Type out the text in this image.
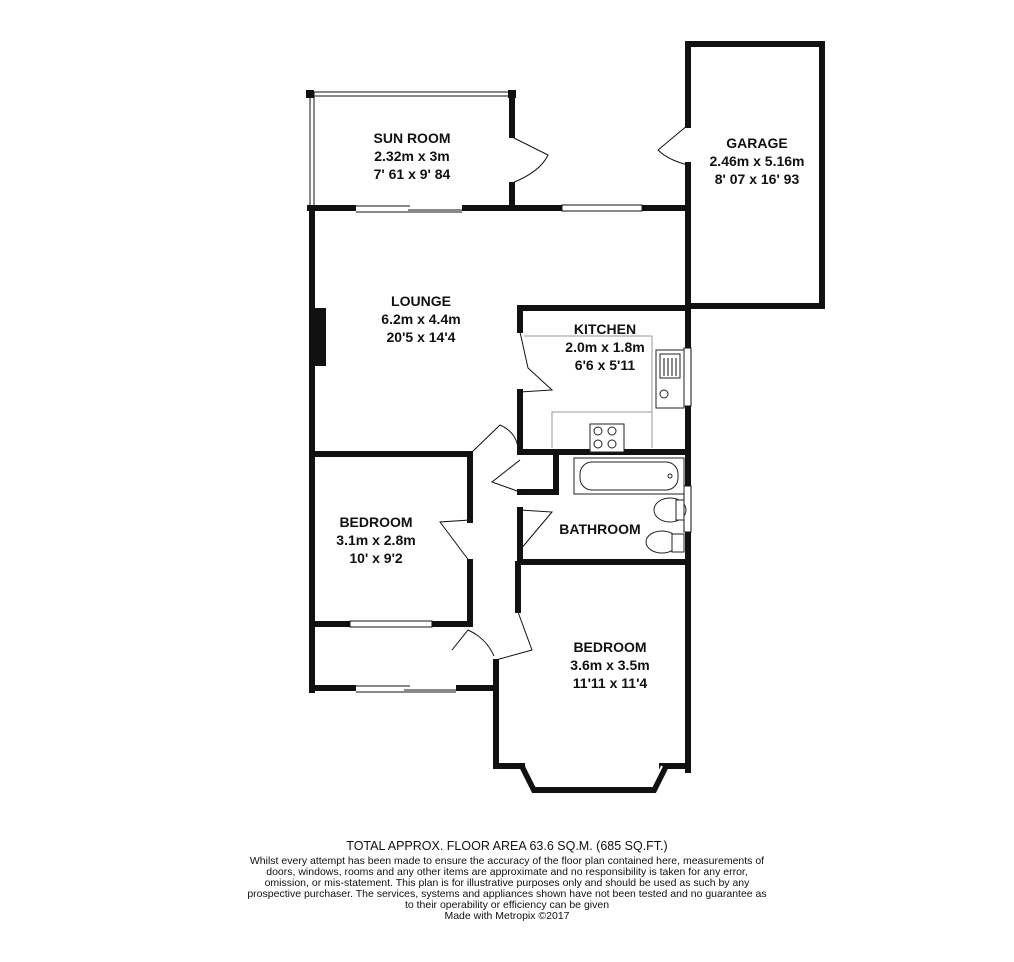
SUN ROOM
2.32m x 3m
7' 61 x 9' 84
GARAGE
2.46m x 5.16m
8' 07 x 16' 93
LOUNGE
6.2m x 4.4m
20'5 x 14'4	KITCHEN
2.0m x 1.8m
6'6 x 5'11
BATHROOM
BEDROOM
3.1m x 2.8m
10' x 9'2
BEDROOM
3.6m x 3.5m
11'11 x 11'4
TOTAL APPROX. FLOOR AREA 63.6 SQ.M. (685 SQ.FT.)
Whilst every attempt has been made to ensure the accuracy of the floor plan contained here, measurements of doors, windows, rooms and any other items are approximate and no responsibility is taken for any error, omission, or mis-statement. This plan is for illustrative purposes only and should be used as such by any prospective purchaser. The services, systems and appliances shown have not been tested and no guarantee as to their operability or efficiency can be given
Made with Metropix ©2017
